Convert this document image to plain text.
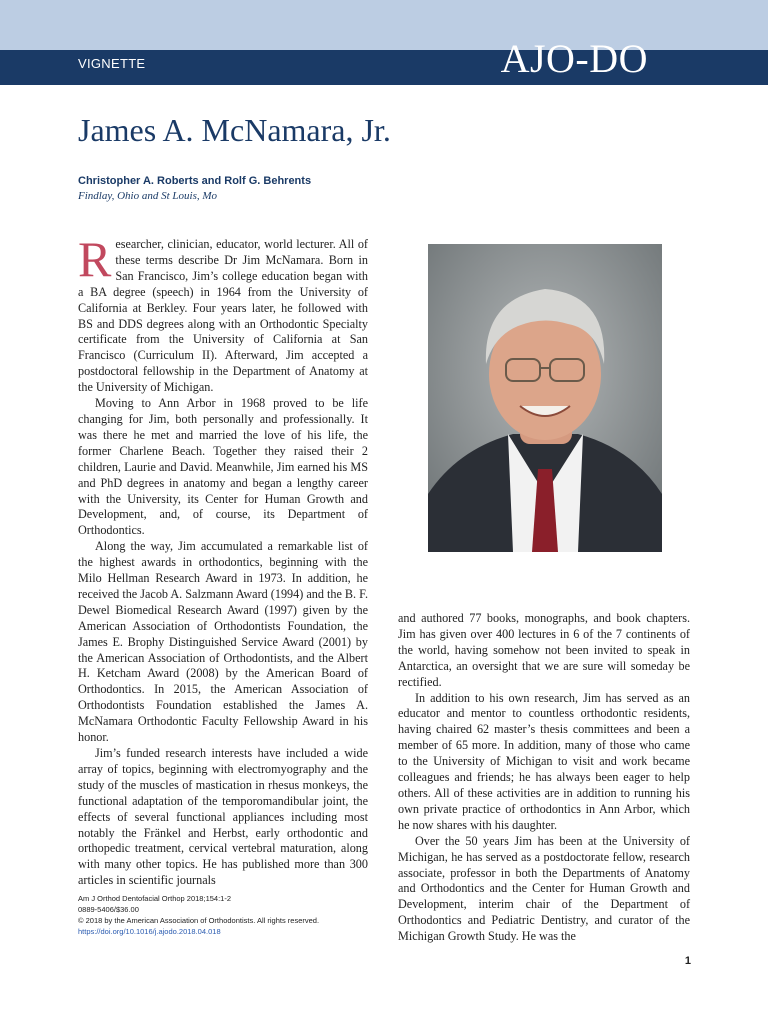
VIGNETTE	AJO-DO
James A. McNamara, Jr.
Christopher A. Roberts and Rolf G. Behrents
Findlay, Ohio and St Louis, Mo

Researcher, clinician, educator, world lecturer. All of these terms describe Dr Jim McNamara. Born in San Francisco, Jim’s college education began with a BA degree (speech) in 1964 from the University of California at Berkley. Four years later, he followed with BS and DDS degrees along with an Orthodontic Specialty certificate from the University of California at San Francisco (Curriculum II). Afterward, Jim accepted a postdoctoral fellowship in the Department of Anatomy at the University of Michigan.

Moving to Ann Arbor in 1968 proved to be life changing for Jim, both personally and professionally. It was there he met and married the love of his life, the former Charlene Beach. Together they raised their 2 children, Laurie and David. Meanwhile, Jim earned his MS and PhD degrees in anatomy and began a lengthy career with the University, its Center for Human Growth and Development, and, of course, its Department of Orthodontics.

Along the way, Jim accumulated a remarkable list of the highest awards in orthodontics, beginning with the Milo Hellman Research Award in 1973. In addition, he received the Jacob A. Salzmann Award (1994) and the B. F. Dewel Biomedical Research Award (1997) given by the American Association of Orthodontists Foundation, the James E. Brophy Distinguished Service Award (2001) by the American Association of Orthodontists, and the Albert H. Ketcham Award (2008) by the American Board of Orthodontics. In 2015, the American Association of Orthodontists Foundation established the James A. McNamara Orthodontic Faculty Fellowship Award in his honor.

Jim’s funded research interests have included a wide array of topics, beginning with electromyography and the study of the muscles of mastication in rhesus monkeys, the functional adaptation of the temporomandibular joint, the effects of several functional appliances including most notably the Fränkel and Herbst, early orthodontic and orthopedic treatment, cervical vertebral maturation, along with many other topics. He has published more than 300 articles in scientific journals

and authored 77 books, monographs, and book chapters. Jim has given over 400 lectures in 6 of the 7 continents of the world, having somehow not been invited to speak in Antarctica, an oversight that we are sure will someday be rectified.

In addition to his own research, Jim has served as an educator and mentor to countless orthodontic residents, having chaired 62 master’s thesis committees and been a member of 65 more. In addition, many of those who came to the University of Michigan to visit and work became colleagues and friends; he has always been eager to help others. All of these activities are in addition to running his own private practice of orthodontics in Ann Arbor, which he now shares with his daughter.

Over the 50 years Jim has been at the University of Michigan, he has served as a postdoctorate fellow, research associate, professor in both the Departments of Anatomy and Orthodontics and the Center for Human Growth and Development, interim chair of the Department of Orthodontics and Pediatric Dentistry, and curator of the Michigan Growth Study. He was the

Am J Orthod Dentofacial Orthop 2018;154:1-2
0889-5406/$36.00
© 2018 by the American Association of Orthodontists. All rights reserved.
https://doi.org/10.1016/j.ajodo.2018.04.018
1
